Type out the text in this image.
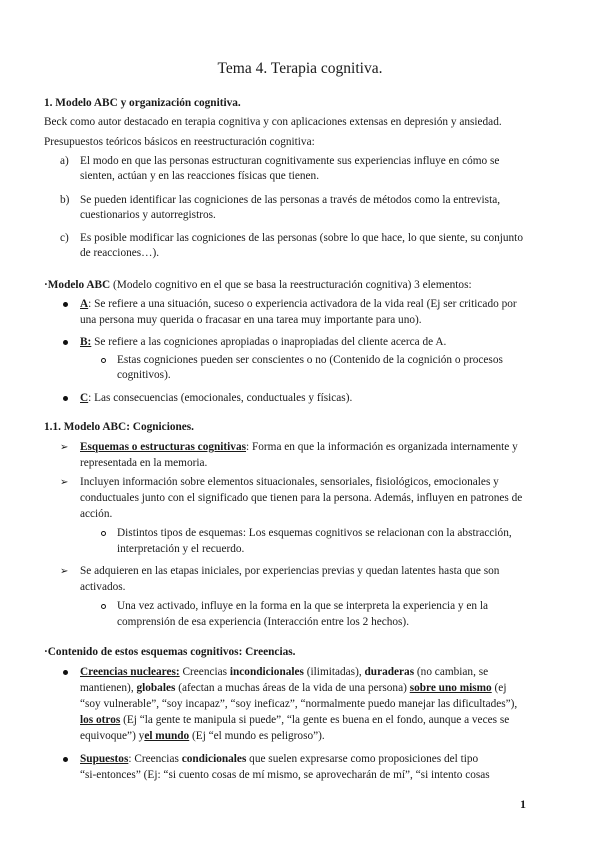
Tema 4. Terapia cognitiva.
1. Modelo ABC y organización cognitiva.
Beck como autor destacado en terapia cognitiva y con aplicaciones extensas en depresión y ansiedad.
Presupuestos teóricos básicos en reestructuración cognitiva:
a) El modo en que las personas estructuran cognitivamente sus experiencias influye en cómo se
sienten, actúan y en las reacciones físicas que tienen.
b) Se pueden identificar las cogniciones de las personas a través de métodos como la entrevista,
cuestionarios y autorregistros.
c) Es posible modificar las cogniciones de las personas (sobre lo que hace, lo que siente, su conjunto
de reacciones…).
·Modelo ABC (Modelo cognitivo en el que se basa la reestructuración cognitiva) 3 elementos:
A: Se refiere a una situación, suceso o experiencia activadora de la vida real (Ej ser criticado por
una persona muy querida o fracasar en una tarea muy importante para uno).
B: Se refiere a las cogniciones apropiadas o inapropiadas del cliente acerca de A.
Estas cogniciones pueden ser conscientes o no (Contenido de la cognición o procesos
cognitivos).
C: Las consecuencias (emocionales, conductuales y físicas).
1.1. Modelo ABC: Cogniciones.
➢ Esquemas o estructuras cognitivas: Forma en que la información es organizada internamente y
representada en la memoria.
➢ Incluyen información sobre elementos situacionales, sensoriales, fisiológicos, emocionales y
conductuales junto con el significado que tienen para la persona. Además, influyen en patrones de
acción.
Distintos tipos de esquemas: Los esquemas cognitivos se relacionan con la abstracción,
interpretación y el recuerdo.
➢ Se adquieren en las etapas iniciales, por experiencias previas y quedan latentes hasta que son
activados.
Una vez activado, influye en la forma en la que se interpreta la experiencia y en la
comprensión de esa experiencia (Interacción entre los 2 hechos).
·Contenido de estos esquemas cognitivos: Creencias.
Creencias nucleares: Creencias incondicionales (ilimitadas), duraderas (no cambian, se
mantienen), globales (afectan a muchas áreas de la vida de una persona) sobre uno mismo (ej
“soy vulnerable”, “soy incapaz”, “soy ineficaz”, “normalmente puedo manejar las dificultades”),
los otros (Ej “la gente te manipula si puede”, “la gente es buena en el fondo, aunque a veces se
equivoque”) yel mundo (Ej “el mundo es peligroso”).
Supuestos: Creencias condicionales que suelen expresarse como proposiciones del tipo
“si-entonces” (Ej: “si cuento cosas de mí mismo, se aprovecharán de mí”, “si intento cosas
1
